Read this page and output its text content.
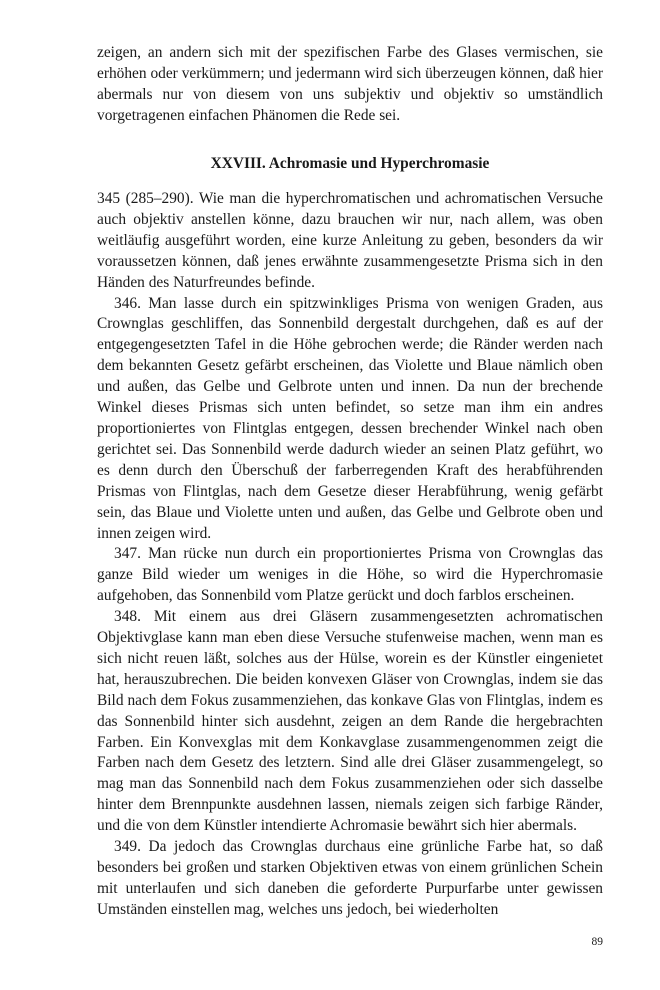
zeigen, an andern sich mit der spezifischen Farbe des Glases vermischen, sie erhöhen oder verkümmern; und jedermann wird sich überzeugen können, daß hier abermals nur von diesem von uns subjektiv und objektiv so umständlich vorgetragenen einfachen Phänomen die Rede sei.

XXVIII. Achromasie und Hyperchromasie

345 (285–290). Wie man die hyperchromatischen und achromatischen Versuche auch objektiv anstellen könne, dazu brauchen wir nur, nach allem, was oben weitläufig ausgeführt worden, eine kurze Anleitung zu geben, besonders da wir voraussetzen können, daß jenes erwähnte zusammengesetzte Prisma sich in den Händen des Naturfreundes befinde.

346. Man lasse durch ein spitzwinkliges Prisma von wenigen Graden, aus Crownglas geschliffen, das Sonnenbild dergestalt durchgehen, daß es auf der entgegengesetzten Tafel in die Höhe gebrochen werde; die Ränder werden nach dem bekannten Gesetz gefärbt erscheinen, das Violette und Blaue nämlich oben und außen, das Gelbe und Gelbrote unten und innen. Da nun der brechende Winkel dieses Prismas sich unten befindet, so setze man ihm ein andres proportioniertes von Flintglas entgegen, dessen brechender Winkel nach oben gerichtet sei. Das Sonnenbild werde dadurch wieder an seinen Platz geführt, wo es denn durch den Überschuß der farberregenden Kraft des herabführenden Prismas von Flintglas, nach dem Gesetze dieser Herabführung, wenig gefärbt sein, das Blaue und Violette unten und außen, das Gelbe und Gelbrote oben und innen zeigen wird.

347. Man rücke nun durch ein proportioniertes Prisma von Crownglas das ganze Bild wieder um weniges in die Höhe, so wird die Hyperchromasie aufgehoben, das Sonnenbild vom Platze gerückt und doch farblos erscheinen.

348. Mit einem aus drei Gläsern zusammengesetzten achromatischen Objektivglase kann man eben diese Versuche stufenweise machen, wenn man es sich nicht reuen läßt, solches aus der Hülse, worein es der Künstler eingenietet hat, herauszubrechen. Die beiden konvexen Gläser von Crownglas, indem sie das Bild nach dem Fokus zusammenziehen, das konkave Glas von Flintglas, indem es das Sonnenbild hinter sich ausdehnt, zeigen an dem Rande die hergebrachten Farben. Ein Konvexglas mit dem Konkavglase zusammengenommen zeigt die Farben nach dem Gesetz des letztern. Sind alle drei Gläser zusammengelegt, so mag man das Sonnenbild nach dem Fokus zusammenziehen oder sich dasselbe hinter dem Brennpunkte ausdehnen lassen, niemals zeigen sich farbige Ränder, und die von dem Künstler intendierte Achromasie bewährt sich hier abermals.

349. Da jedoch das Crownglas durchaus eine grünliche Farbe hat, so daß besonders bei großen und starken Objektiven etwas von einem grünlichen Schein mit unterlaufen und sich daneben die geforderte Purpurfarbe unter gewissen Umständen einstellen mag, welches uns jedoch, bei wiederholten

89
